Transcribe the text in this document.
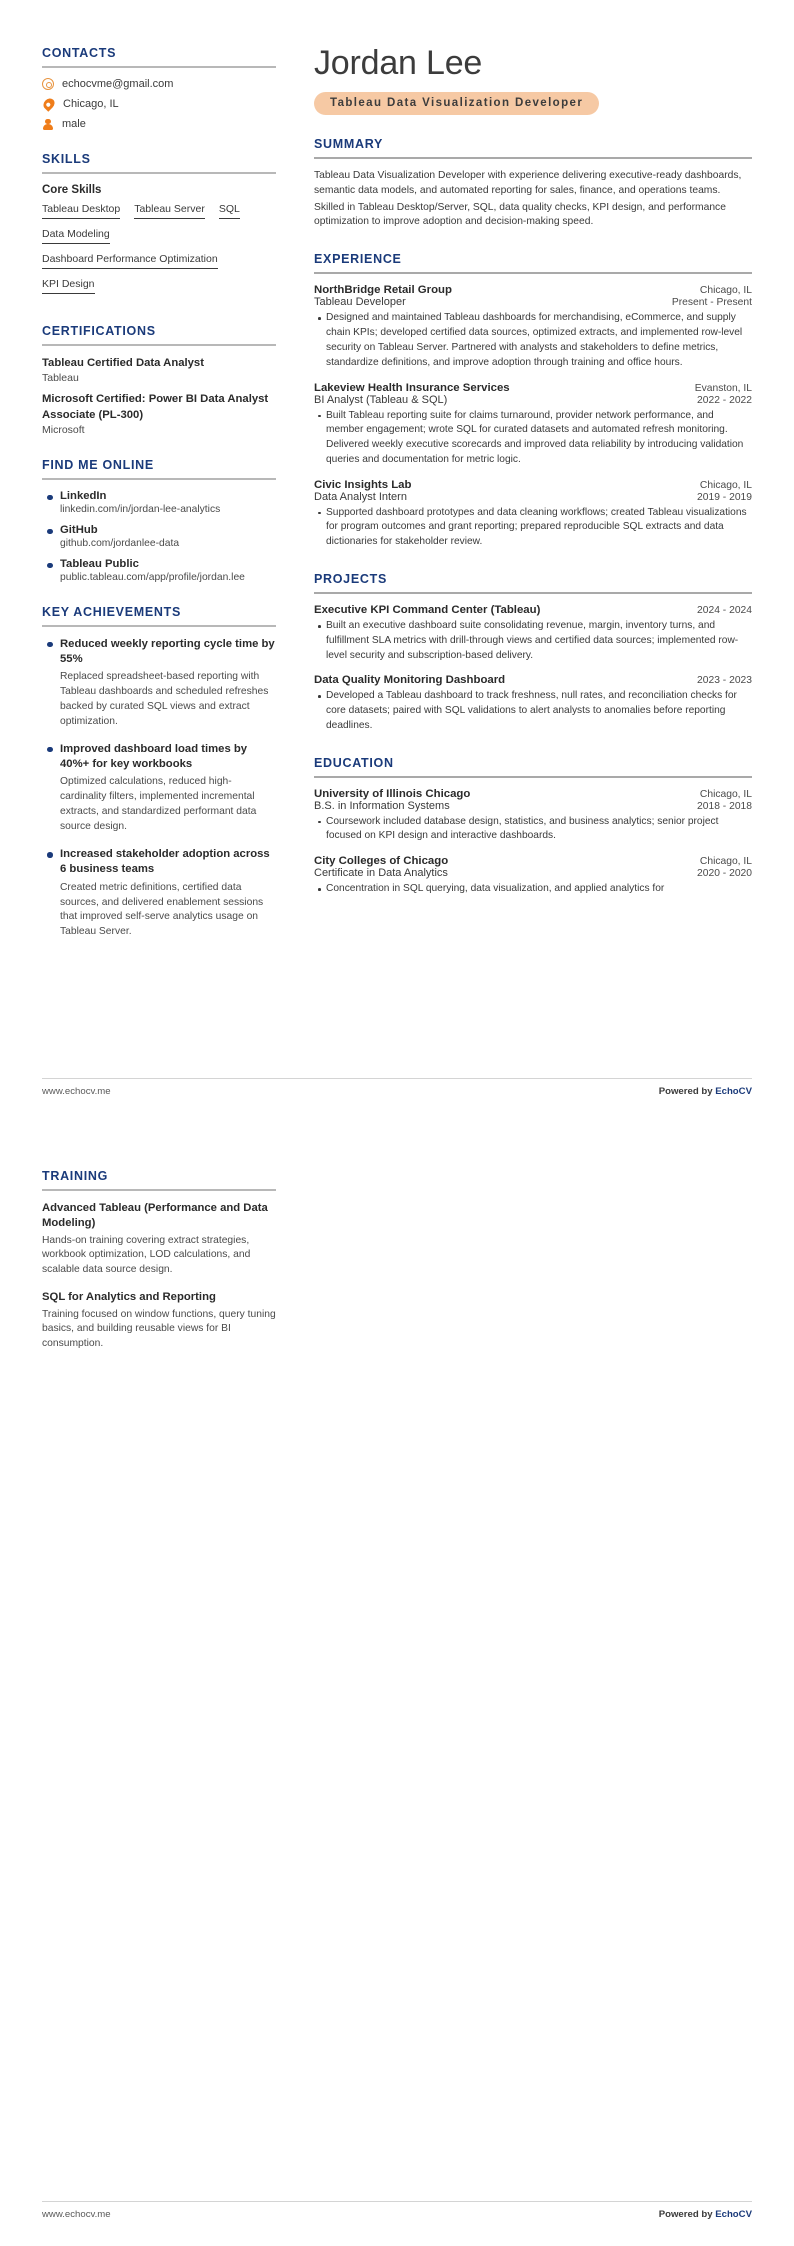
CONTACTS
echocvme@gmail.com
Chicago, IL
male
SKILLS
Core Skills
Tableau Desktop Tableau Server SQL
Data Modeling
Dashboard Performance Optimization
KPI Design
CERTIFICATIONS
Tableau Certified Data Analyst
Tableau
Microsoft Certified: Power BI Data Analyst Associate (PL-300)
Microsoft
FIND ME ONLINE
LinkedIn
linkedin.com/in/jordan-lee-analytics
GitHub
github.com/jordanlee-data
Tableau Public
public.tableau.com/app/profile/jordan.lee
KEY ACHIEVEMENTS
Reduced weekly reporting cycle time by 55%
Replaced spreadsheet-based reporting with Tableau dashboards and scheduled refreshes backed by curated SQL views and extract optimization.
Improved dashboard load times by 40%+ for key workbooks
Optimized calculations, reduced high-cardinality filters, implemented incremental extracts, and standardized performant data source design.
Increased stakeholder adoption across 6 business teams
Created metric definitions, certified data sources, and delivered enablement sessions that improved self-serve analytics usage on Tableau Server.
Jordan Lee
Tableau Data Visualization Developer
SUMMARY

Tableau Data Visualization Developer with experience delivering executive-ready dashboards, semantic data models, and automated reporting for sales, finance, and operations teams.

Skilled in Tableau Desktop/Server, SQL, data quality checks, KPI design, and performance optimization to improve adoption and decision-making speed.

EXPERIENCE
NorthBridge Retail Group	Chicago, IL
Tableau Developer	Present - Present
Designed and maintained Tableau dashboards for merchandising, eCommerce, and supply chain KPIs; developed certified data sources, optimized extracts, and implemented row-level security on Tableau Server. Partnered with analysts and stakeholders to define metrics, standardize definitions, and improve adoption through training and office hours.
Lakeview Health Insurance Services	Evanston, IL
BI Analyst (Tableau & SQL)	2022 - 2022
Built Tableau reporting suite for claims turnaround, provider network performance, and member engagement; wrote SQL for curated datasets and automated refresh monitoring. Delivered weekly executive scorecards and improved data reliability by introducing validation queries and documentation for metric logic.
Civic Insights Lab	Chicago, IL
Data Analyst Intern	2019 - 2019
Supported dashboard prototypes and data cleaning workflows; created Tableau visualizations for program outcomes and grant reporting; prepared reproducible SQL extracts and data dictionaries for stakeholder review.
PROJECTS
Executive KPI Command Center (Tableau)	2024 - 2024
Built an executive dashboard suite consolidating revenue, margin, inventory turns, and fulfillment SLA metrics with drill-through views and certified data sources; implemented row-level security and subscription-based delivery.
Data Quality Monitoring Dashboard	2023 - 2023
Developed a Tableau dashboard to track freshness, null rates, and reconciliation checks for core datasets; paired with SQL validations to alert analysts to anomalies before reporting deadlines.
EDUCATION
University of Illinois Chicago	Chicago, IL
B.S. in Information Systems	2018 - 2018
Coursework included database design, statistics, and business analytics; senior project focused on KPI design and interactive dashboards.
City Colleges of Chicago	Chicago, IL
Certificate in Data Analytics	2020 - 2020
Concentration in SQL querying, data visualization, and applied analytics for
www.echocv.me	Powered by EchoCV
TRAINING
Advanced Tableau (Performance and Data Modeling)
Hands-on training covering extract strategies, workbook optimization, LOD calculations, and scalable data source design.
SQL for Analytics and Reporting
Training focused on window functions, query tuning basics, and building reusable views for BI consumption.
www.echocv.me	Powered by EchoCV
